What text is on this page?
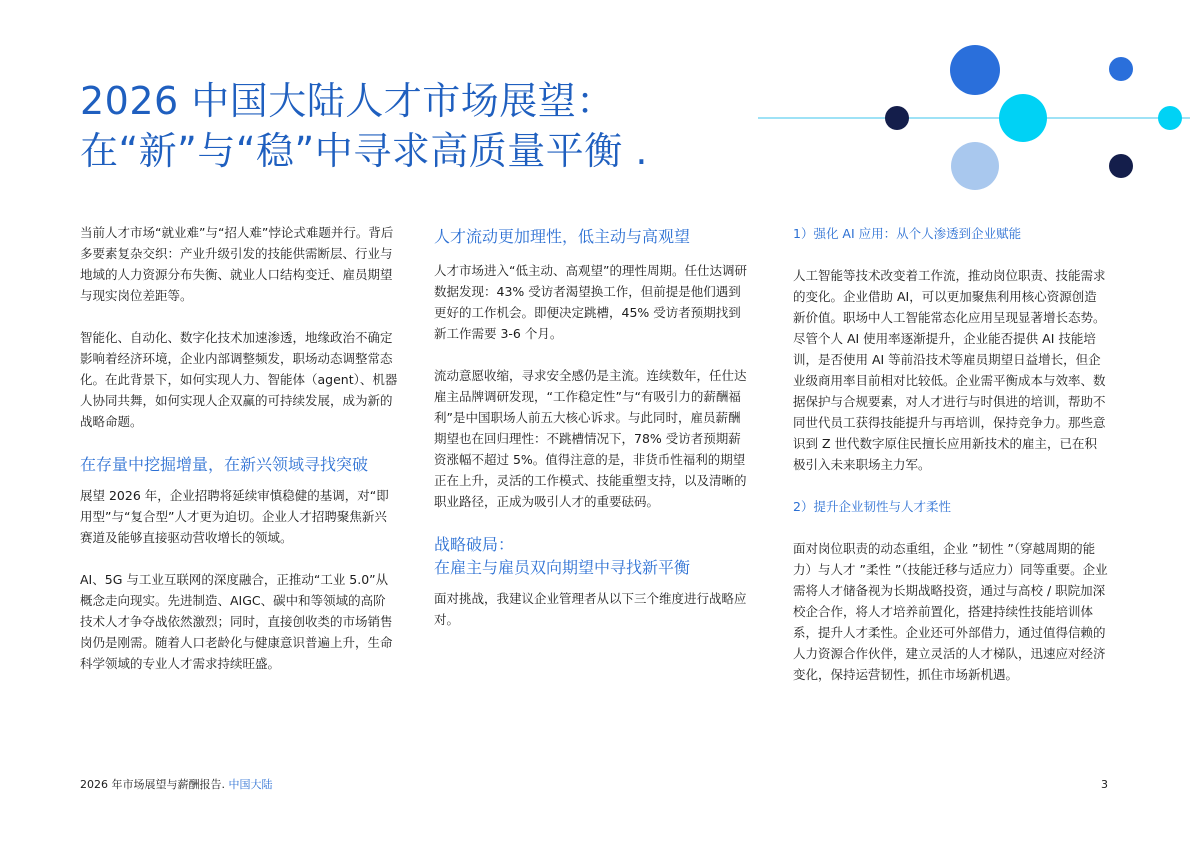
2026 中国大陆人才市场展望：
在“新”与“稳”中寻求高质量平衡 .

当前人才市场“就业难”与“招人难”悖论式难题并行。背后多要素复杂交织：产业升级引发的技能供需断层、行业与地域的人力资源分布失衡、就业人口结构变迁、雇员期望与现实岗位差距等。

智能化、自动化、数字化技术加速渗透，地缘政治不确定影响着经济环境，企业内部调整频发，职场动态调整常态化。在此背景下，如何实现人力、智能体（agent）、机器人协同共舞，如何实现人企双赢的可持续发展，成为新的战略命题。

在存量中挖掘增量，在新兴领域寻找突破

展望 2026 年，企业招聘将延续审慎稳健的基调，对“即用型”与“复合型”人才更为迫切。企业人才招聘聚焦新兴赛道及能够直接驱动营收增长的领域。

AI、5G 与工业互联网的深度融合，正推动“工业 5.0”从概念走向现实。先进制造、AIGC、碳中和等领域的高阶技术人才争夺战依然激烈；同时，直接创收类的市场销售岗仍是刚需。随着人口老龄化与健康意识普遍上升，生命科学领域的专业人才需求持续旺盛。

人才流动更加理性，低主动与高观望

人才市场进入“低主动、高观望”的理性周期。任仕达调研数据发现：43% 受访者渴望换工作，但前提是他们遇到更好的工作机会。即便决定跳槽，45% 受访者预期找到新工作需要 3-6 个月。

流动意愿收缩，寻求安全感仍是主流。连续数年，任仕达雇主品牌调研发现，“工作稳定性”与“有吸引力的薪酬福利”是中国职场人前五大核心诉求。与此同时，雇员薪酬期望也在回归理性：不跳槽情况下，78% 受访者预期薪资涨幅不超过 5%。值得注意的是，非货币性福利的期望正在上升，灵活的工作模式、技能重塑支持，以及清晰的职业路径，正成为吸引人才的重要砝码。

战略破局：
在雇主与雇员双向期望中寻找新平衡

面对挑战，我建议企业管理者从以下三个维度进行战略应对。

1）强化 AI 应用：从个人渗透到企业赋能

人工智能等技术改变着工作流，推动岗位职责、技能需求的变化。企业借助 AI，可以更加聚焦利用核心资源创造新价值。职场中人工智能常态化应用呈现显著增长态势。尽管个人 AI 使用率逐渐提升，企业能否提供 AI 技能培训，是否使用 AI 等前沿技术等雇员期望日益增长，但企业级商用率目前相对比较低。企业需平衡成本与效率、数据保护与合规要素，对人才进行与时俱进的培训，帮助不同世代员工获得技能提升与再培训，保持竞争力。那些意识到 Z 世代数字原住民擅长应用新技术的雇主，已在积极引入未来职场主力军。

2）提升企业韧性与人才柔性

面对岗位职责的动态重组，企业 ”韧性 ”（穿越周期的能力）与人才 ”柔性 ”（技能迁移与适应力）同等重要。企业需将人才储备视为长期战略投资，通过与高校 / 职院加深校企合作，将人才培养前置化，搭建持续性技能培训体系，提升人才柔性。企业还可外部借力，通过值得信赖的人力资源合作伙伴，建立灵活的人才梯队，迅速应对经济变化，保持运营韧性，抓住市场新机遇。

2026 年市场展望与薪酬报告. 中国大陆	3
